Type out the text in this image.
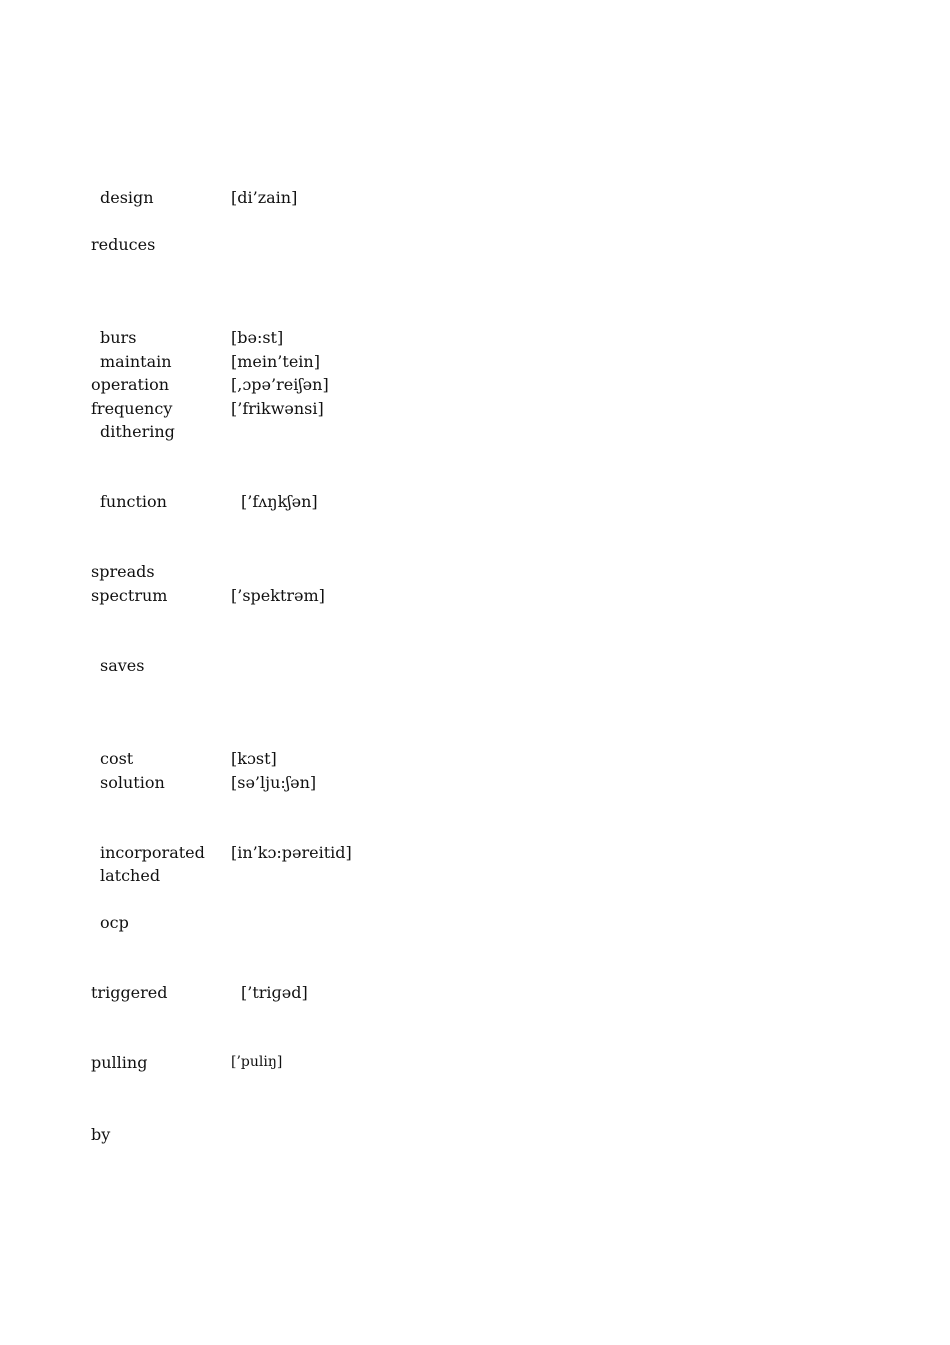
design	[di’zain]
reduces
burs	[bə:st]
maintain	[mein’tein]
operation	[,ɔpə’reiʃən]
frequency	[’frikwənsi]
dithering
function	[’fʌŋkʃən]
spreads
spectrum	[’spektrəm]
saves
cost	[kɔst]
solution	[sə’lju:ʃən]
incorporated [in’kɔ:pəreitid]
latched
ocp
triggered	[’triɡəd]
pulling	[’puliŋ]
by
